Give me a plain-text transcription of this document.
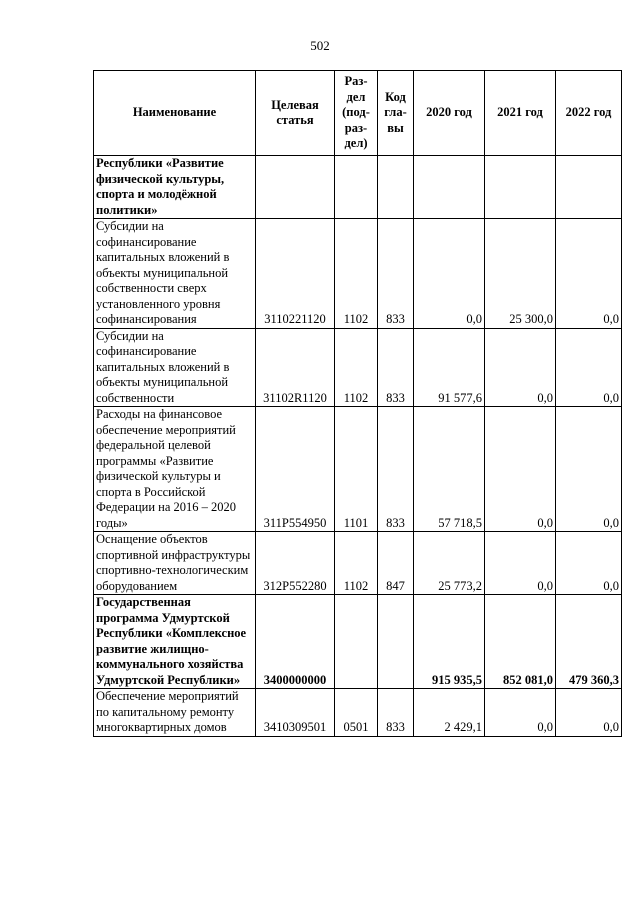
502
Наименование	Целевая статья	Раз-дел (под-раз-дел)	Код гла-вы	2020 год	2021 год	2022 год
Республики «Развитие физической культуры, спорта и молодёжной политики»						
Субсидии на софинансирование капитальных вложений в объекты муниципальной собственности сверх установленного уровня софинансирования	3110221120	1102	833	0,0	25 300,0	0,0
Субсидии на софинансирование капитальных вложений в объекты муниципальной собственности	31102R1120	1102	833	91 577,6	0,0	0,0
Расходы на финансовое обеспечение мероприятий федеральной целевой программы «Развитие физической культуры и спорта в Российской Федерации на 2016 – 2020 годы»	311P554950	1101	833	57 718,5	0,0	0,0
Оснащение объектов спортивной инфраструктуры спортивно-технологическим оборудованием	312P552280	1102	847	25 773,2	0,0	0,0
Государственная программа Удмуртской Республики «Комплексное развитие жилищно-коммунального хозяйства Удмуртской Республики»	3400000000			915 935,5	852 081,0	479 360,3
Обеспечение мероприятий по капитальному ремонту многоквартирных домов	3410309501	0501	833	2 429,1	0,0	0,0
